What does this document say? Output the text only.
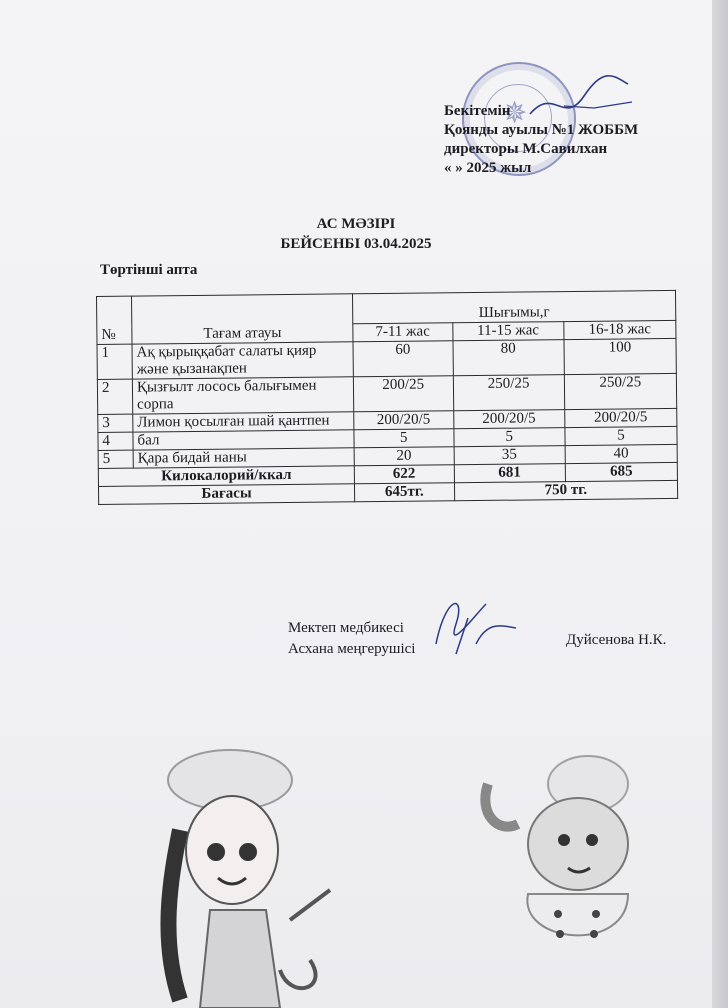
✵
Бекітемін
Қоянды ауылы №1 ЖОББМ
директоры М.Савилхан
« » 2025 жыл
АС МӘЗІРІ
БЕЙСЕНБІ 03.04.2025
Төртінші апта
№	Тағам атауы	Шығымы,г		
		7-11 жас	11-15 жас	16-18 жас
1	Ақ қырыққабат салаты қияр және қызанақпен	60	80	100
2	Қызғылт лосось балығымен сорпа	200/25	250/25	250/25
3	Лимон қосылған шай қантпен	200/20/5	200/20/5	200/20/5
4	бал	5	5	5
5	Қара бидай наны	20	35	40
Килокалорий/ккал		622	681	685
Бағасы		645тг.	750 тг.	
Мектеп медбикесі
Асхана меңгерушісі
Дуйсенова Н.К.
